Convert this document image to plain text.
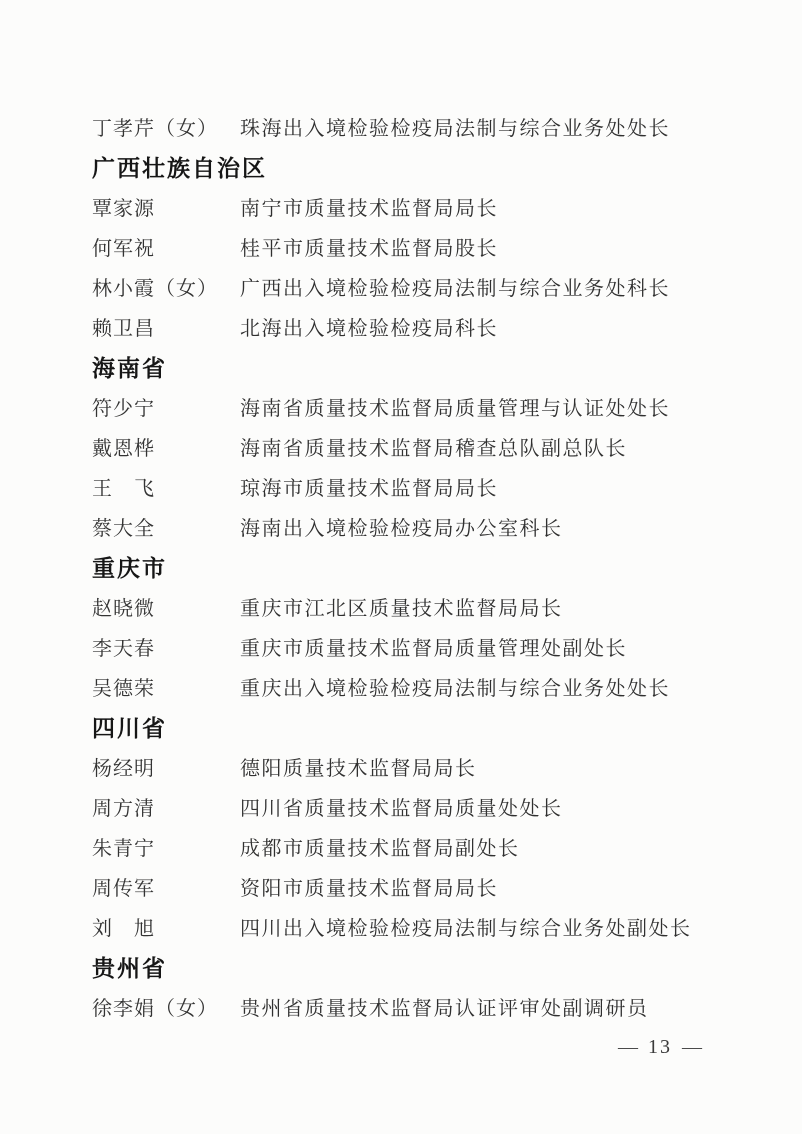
丁孝芹（女）	珠海出入境检验检疫局法制与综合业务处处长
广西壮族自治区
覃家源	南宁市质量技术监督局局长
何军祝	桂平市质量技术监督局股长
林小霞（女）	广西出入境检验检疫局法制与综合业务处科长
赖卫昌	北海出入境检验检疫局科长
海南省
符少宁	海南省质量技术监督局质量管理与认证处处长
戴恩桦	海南省质量技术监督局稽查总队副总队长
王　飞	琼海市质量技术监督局局长
蔡大全	海南出入境检验检疫局办公室科长
重庆市
赵晓微	重庆市江北区质量技术监督局局长
李天春	重庆市质量技术监督局质量管理处副处长
吴德荣	重庆出入境检验检疫局法制与综合业务处处长
四川省
杨经明	德阳质量技术监督局局长
周方清	四川省质量技术监督局质量处处长
朱青宁	成都市质量技术监督局副处长
周传军	资阳市质量技术监督局局长
刘　旭	四川出入境检验检疫局法制与综合业务处副处长
贵州省
徐李娟（女）	贵州省质量技术监督局认证评审处副调研员
— 13 —
